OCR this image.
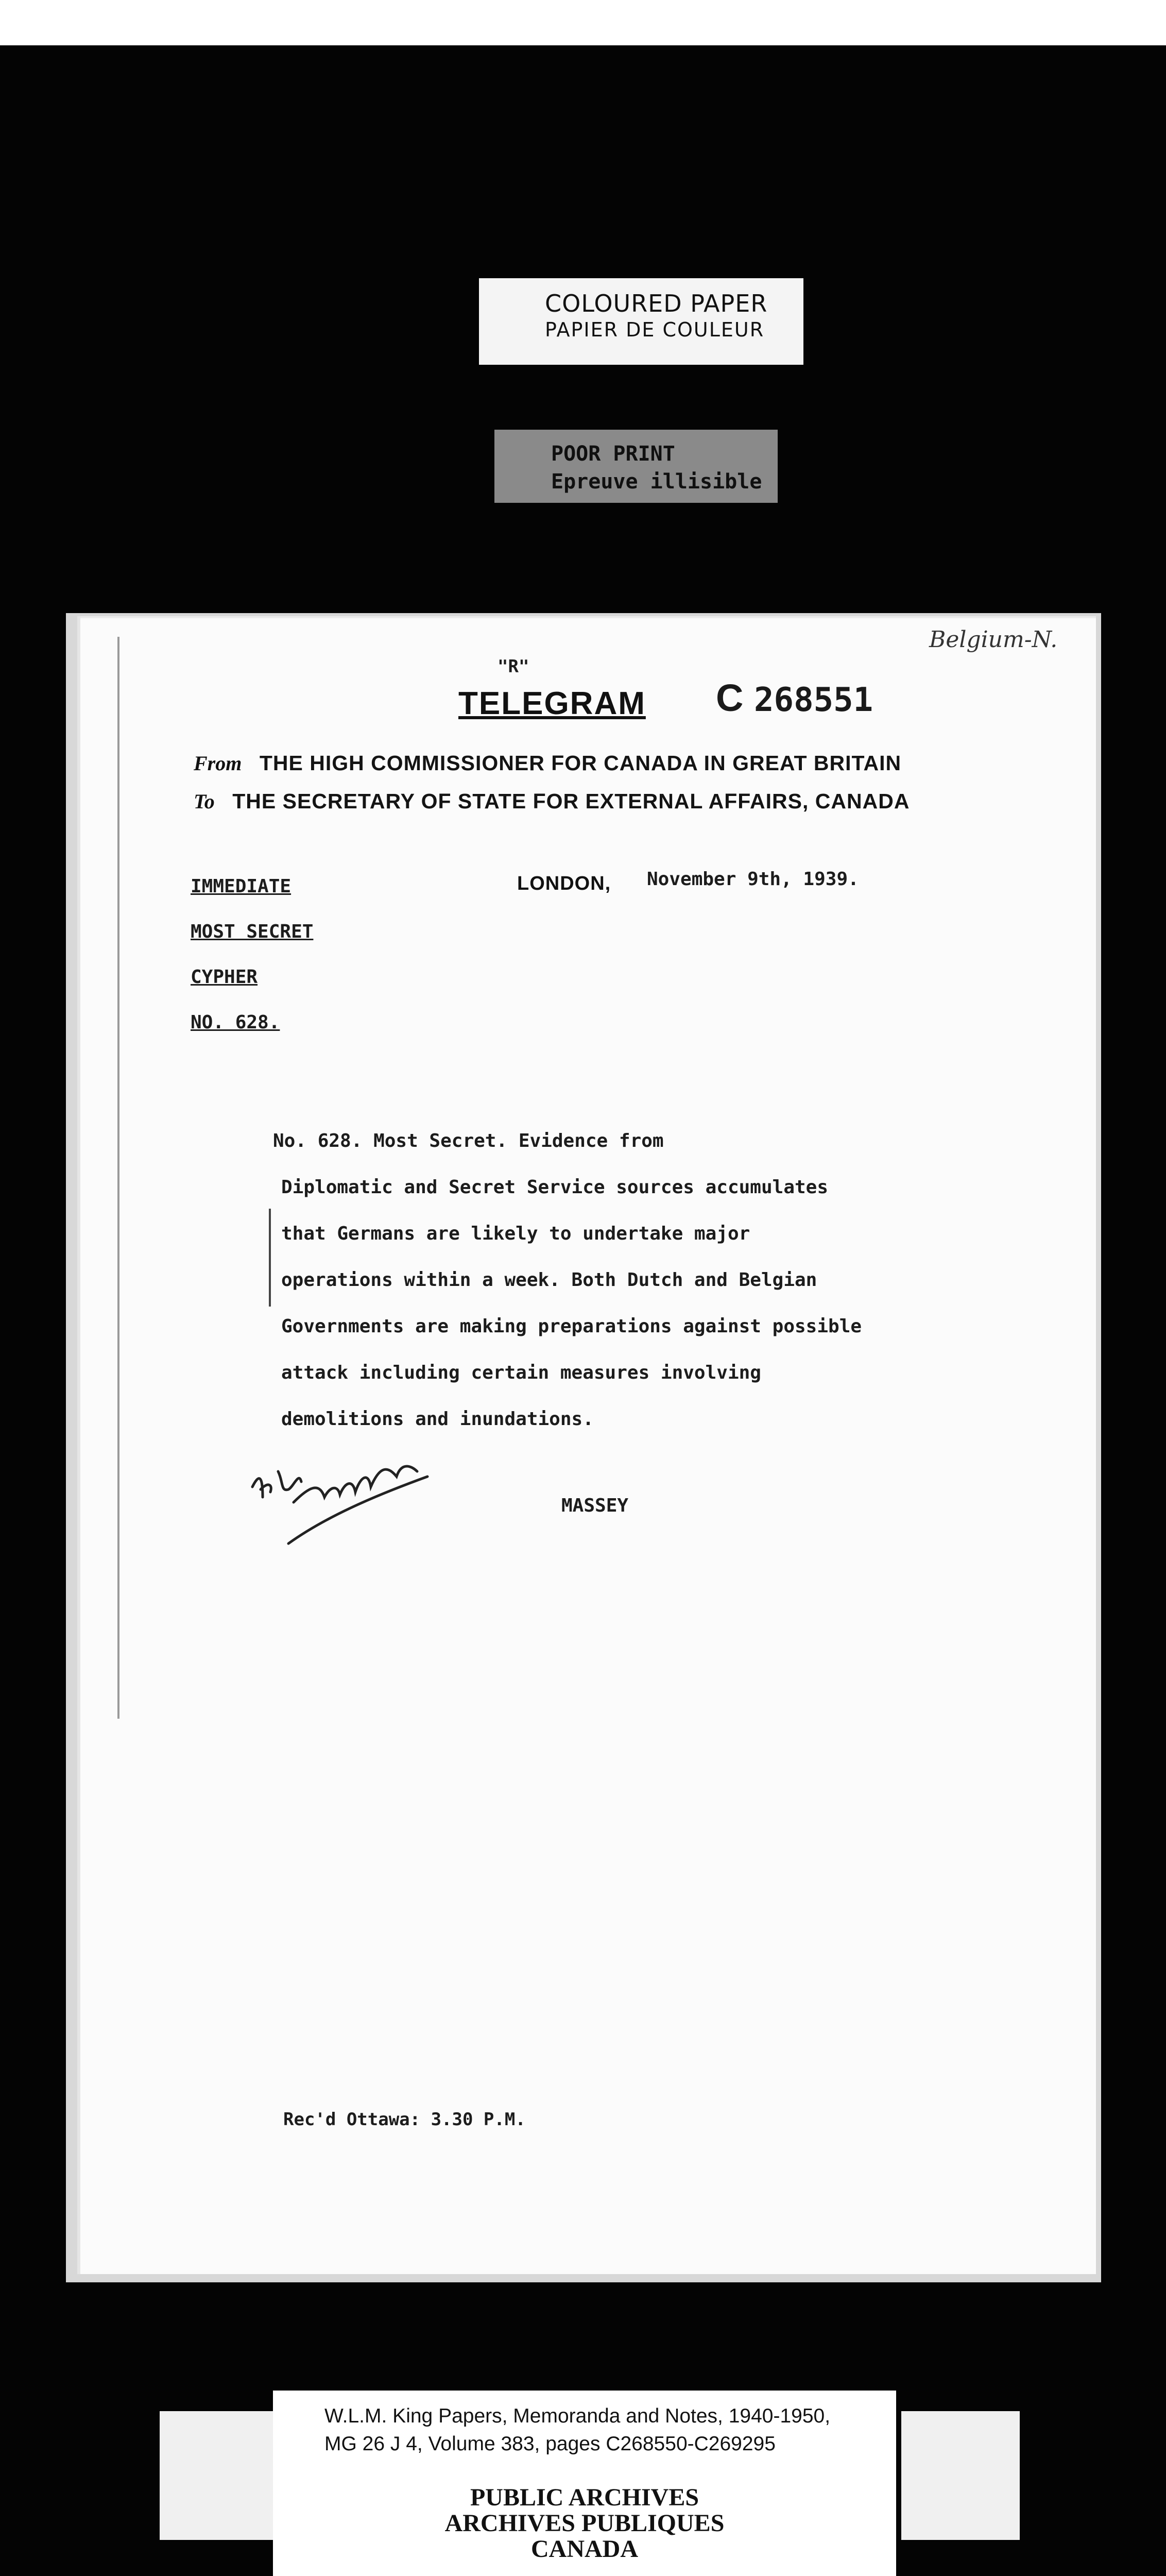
COLOURED PAPER
PAPIER DE COULEUR
POOR PRINT
Epreuve illisible
"R"
Belgium-N.
TELEGRAM C 268551
From THE HIGH COMMISSIONER FOR CANADA IN GREAT BRITAIN
To THE SECRETARY OF STATE FOR EXTERNAL AFFAIRS, CANADA
IMMEDIATE
MOST SECRET
CYPHER
NO. 628.
LONDON, November 9th, 1939.
No. 628. Most Secret. Evidence from
Diplomatic and Secret Service sources accumulates
that Germans are likely to undertake major
operations within a week. Both Dutch and Belgian
Governments are making preparations against possible
attack including certain measures involving
demolitions and inundations.
MASSEY
Rec'd Ottawa: 3.30 P.M.
W.L.M. King Papers, Memoranda and Notes, 1940-1950,
MG 26 J 4, Volume 383, pages C268550-C269295
PUBLIC ARCHIVES
ARCHIVES PUBLIQUES
CANADA
